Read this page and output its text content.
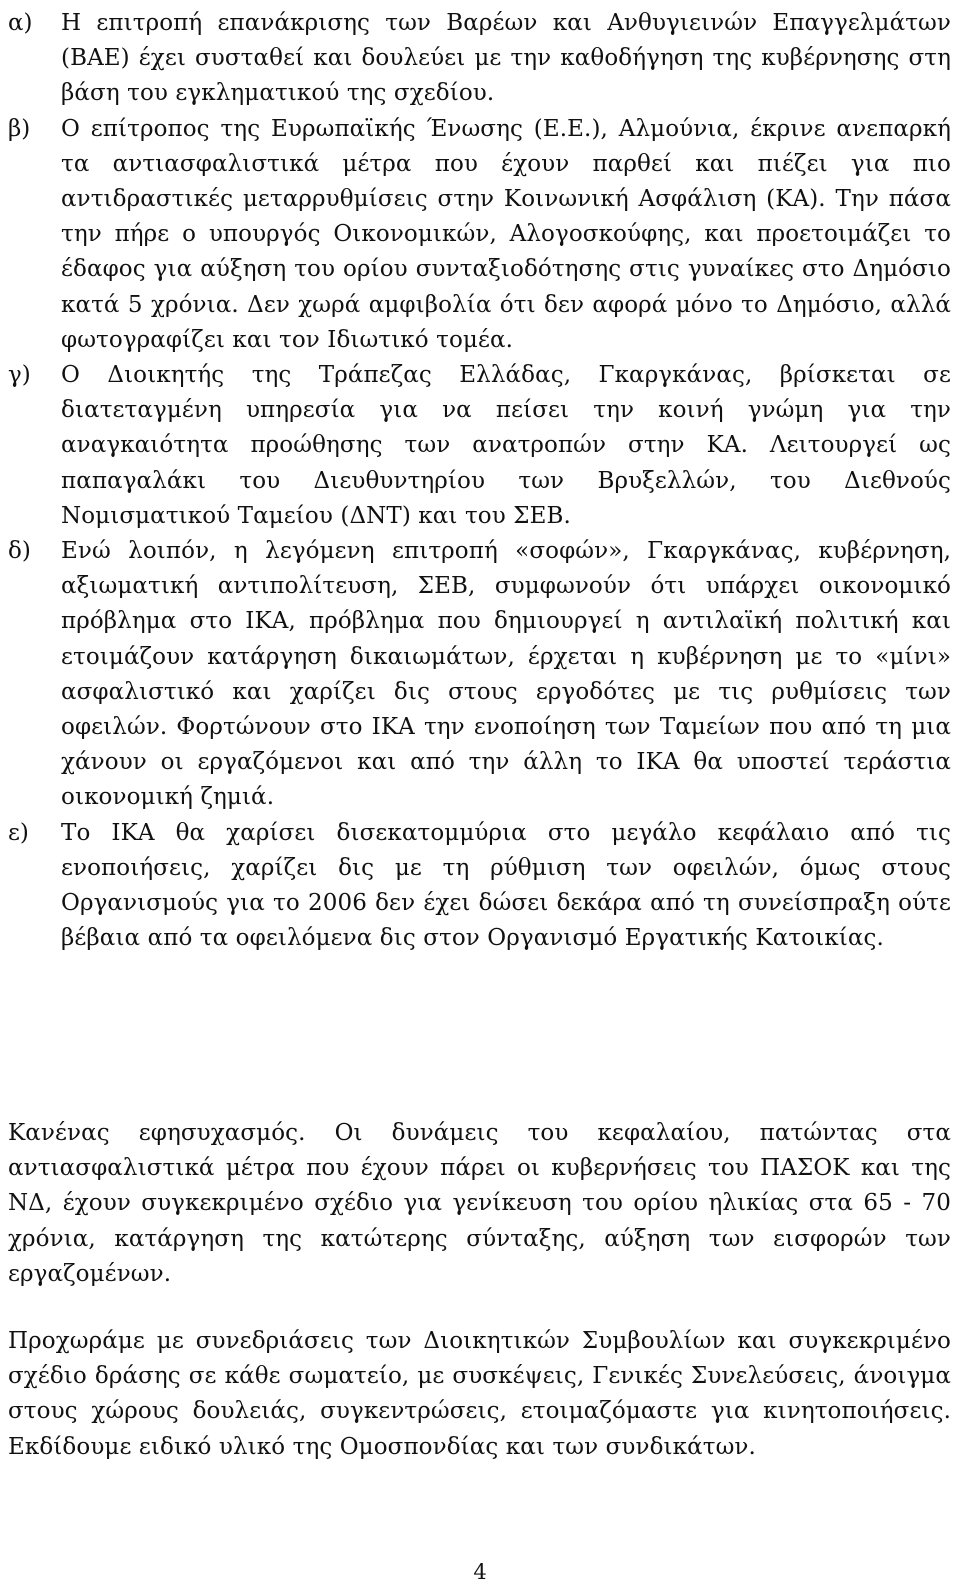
α) Η επιτροπή επανάκρισης των Βαρέων και Ανθυγιεινών Επαγγελμάτων (ΒΑΕ) έχει συσταθεί και δουλεύει με την καθοδήγηση της κυβέρνησης στη βάση του εγκληματικού της σχεδίου.

β) Ο επίτροπος της Ευρωπαϊκής Ένωσης (Ε.Ε.), Αλμούνια, έκρινε ανεπαρκή τα αντιασφαλιστικά μέτρα που έχουν παρθεί και πιέζει για πιο αντιδραστικές μεταρρυθμίσεις στην Κοινωνική Ασφάλιση (ΚΑ). Την πάσα την πήρε ο υπουργός Οικονομικών, Αλογοσκούφης, και προετοιμάζει το έδαφος για αύξηση του ορίου συνταξιοδότησης στις γυναίκες στο Δημόσιο κατά 5 χρόνια. Δεν χωρά αμφιβολία ότι δεν αφορά μόνο το Δημόσιο, αλλά φωτογραφίζει και τον Ιδιωτικό τομέα.

γ) Ο Διοικητής της Τράπεζας Ελλάδας, Γκαργκάνας, βρίσκεται σε διατεταγμένη υπηρεσία για να πείσει την κοινή γνώμη για την αναγκαιότητα προώθησης των ανατροπών στην ΚΑ. Λειτουργεί ως παπαγαλάκι του Διευθυντηρίου των Βρυξελλών, του Διεθνούς Νομισματικού Ταμείου (ΔΝΤ) και του ΣΕΒ.

δ) Ενώ λοιπόν, η λεγόμενη επιτροπή «σοφών», Γκαργκάνας, κυβέρνηση, αξιωματική αντιπολίτευση, ΣΕΒ, συμφωνούν ότι υπάρχει οικονομικό πρόβλημα στο ΙΚΑ, πρόβλημα που δημιουργεί η αντιλαϊκή πολιτική και ετοιμάζουν κατάργηση δικαιωμάτων, έρχεται η κυβέρνηση με το «μίνι» ασφαλιστικό και χαρίζει δις στους εργοδότες με τις ρυθμίσεις των οφειλών. Φορτώνουν στο ΙΚΑ την ενοποίηση των Ταμείων που από τη μια χάνουν οι εργαζόμενοι και από την άλλη το ΙΚΑ θα υποστεί τεράστια οικονομική ζημιά.

ε) Το ΙΚΑ θα χαρίσει δισεκατομμύρια στο μεγάλο κεφάλαιο από τις ενοποιήσεις, χαρίζει δις με τη ρύθμιση των οφειλών, όμως στους Οργανισμούς για το 2006 δεν έχει δώσει δεκάρα από τη συνείσπραξη ούτε βέβαια από τα οφειλόμενα δις στον Οργανισμό Εργατικής Κατοικίας.

Κανένας εφησυχασμός. Οι δυνάμεις του κεφαλαίου, πατώντας στα αντιασφαλιστικά μέτρα που έχουν πάρει οι κυβερνήσεις του ΠΑΣΟΚ και της ΝΔ, έχουν συγκεκριμένο σχέδιο για γενίκευση του ορίου ηλικίας στα 65 - 70 χρόνια, κατάργηση της κατώτερης σύνταξης, αύξηση των εισφορών των εργαζομένων.

Προχωράμε με συνεδριάσεις των Διοικητικών Συμβουλίων και συγκεκριμένο σχέδιο δράσης σε κάθε σωματείο, με συσκέψεις, Γενικές Συνελεύσεις, άνοιγμα στους χώρους δουλειάς, συγκεντρώσεις, ετοιμαζόμαστε για κινητοποιήσεις. Εκδίδουμε ειδικό υλικό της Ομοσπονδίας και των συνδικάτων.

4
